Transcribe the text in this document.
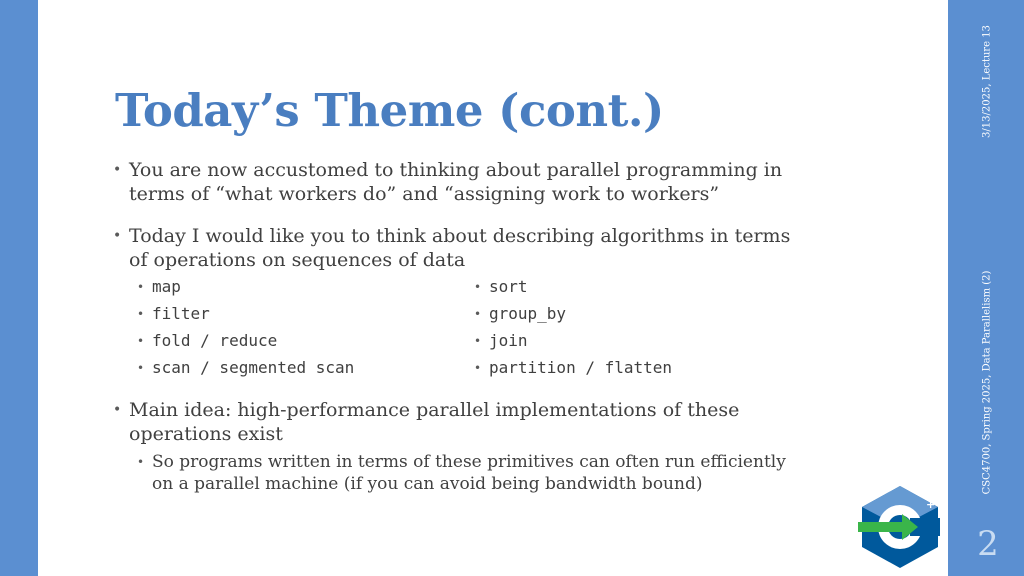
Today’s Theme (cont.)
• You are now accustomed to thinking about parallel programming in
terms of “what workers do” and “assigning work to workers”
• Today I would like you to think about describing algorithms in terms
of operations on sequences of data
• map
• filter
• fold / reduce
• scan / segmented scan
• sort
• group_by
• join
• partition / flatten
• Main idea: high-performance parallel implementations of these
operations exist
• So programs written in terms of these primitives can often run efficiently
on a parallel machine (if you can avoid being bandwidth bound)
3/13/2025, Lecture 13
CSC4700, Spring 2025, Data Parallelism (2)
2
++
